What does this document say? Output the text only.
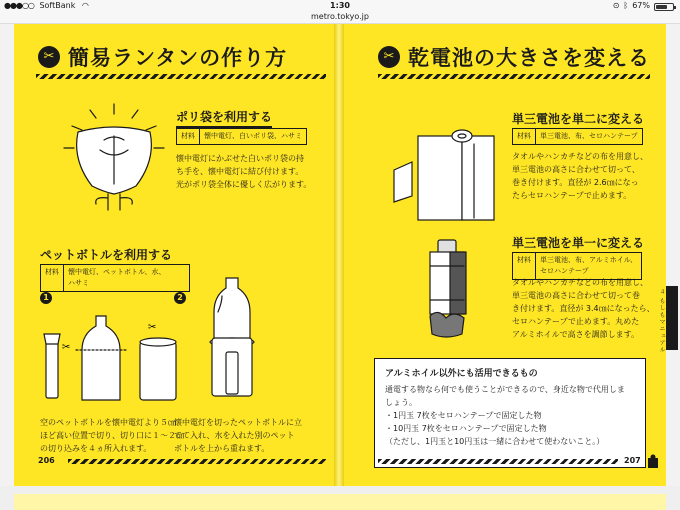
●●●○○ SoftBank ◠	1:30	⊙ ᛒ 67%
metro.tokyo.jp
✂ 簡易ランタンの作り方
ポリ袋を利用する
材料	懐中電灯、白いポリ袋、ハサミ
懐中電灯にかぶせた白いポリ袋の持
ち手を、懐中電灯に結び付けます。
光がポリ袋全体に優しく広がります。
ペットボトルを利用する
材料	懐中電灯、ペットボトル、水、
ハサミ
1	2
✂
✂
空のペットボトルを懐中電灯より５㎝
ほど高い位置で切り、切り口に１～２㎝
の切り込みを４ヵ所入れます。
懐中電灯を切ったペットボトルに立
てて入れ、水を入れた別のペット
ボトルを上から重ねます。
206
✂ 乾電池の大きさを変える
単三電池を単二に変える
材料	単三電池、布、セロハンテープ
タオルやハンカチなどの布を用意し、
単三電池の高さに合わせて切って、
巻き付けます。直径が 2.6㎝になっ
たらセロハンテープで止めます。
単三電池を単一に変える
材料	単三電池、布、アルミホイル、
セロハンテープ
タオルやハンカチなどの布を用意し、
単三電池の高さに合わせて切って巻
き付けます。直径が 3.4㎝になったら、
セロハンテープで止めます。丸めた
アルミホイルで高さを調節します。	４ もしもマニュアル
アルミホイル以外にも活用できるもの
通電する物なら何でも使うことができるので、身近な物で代用しま
しょう。
・1円玉 7枚をセロハンテープで固定した物
・10円玉 7枚をセロハンテープで固定した物
（ただし、1円玉と10円玉は一緒に合わせて使わないこと。）
207
